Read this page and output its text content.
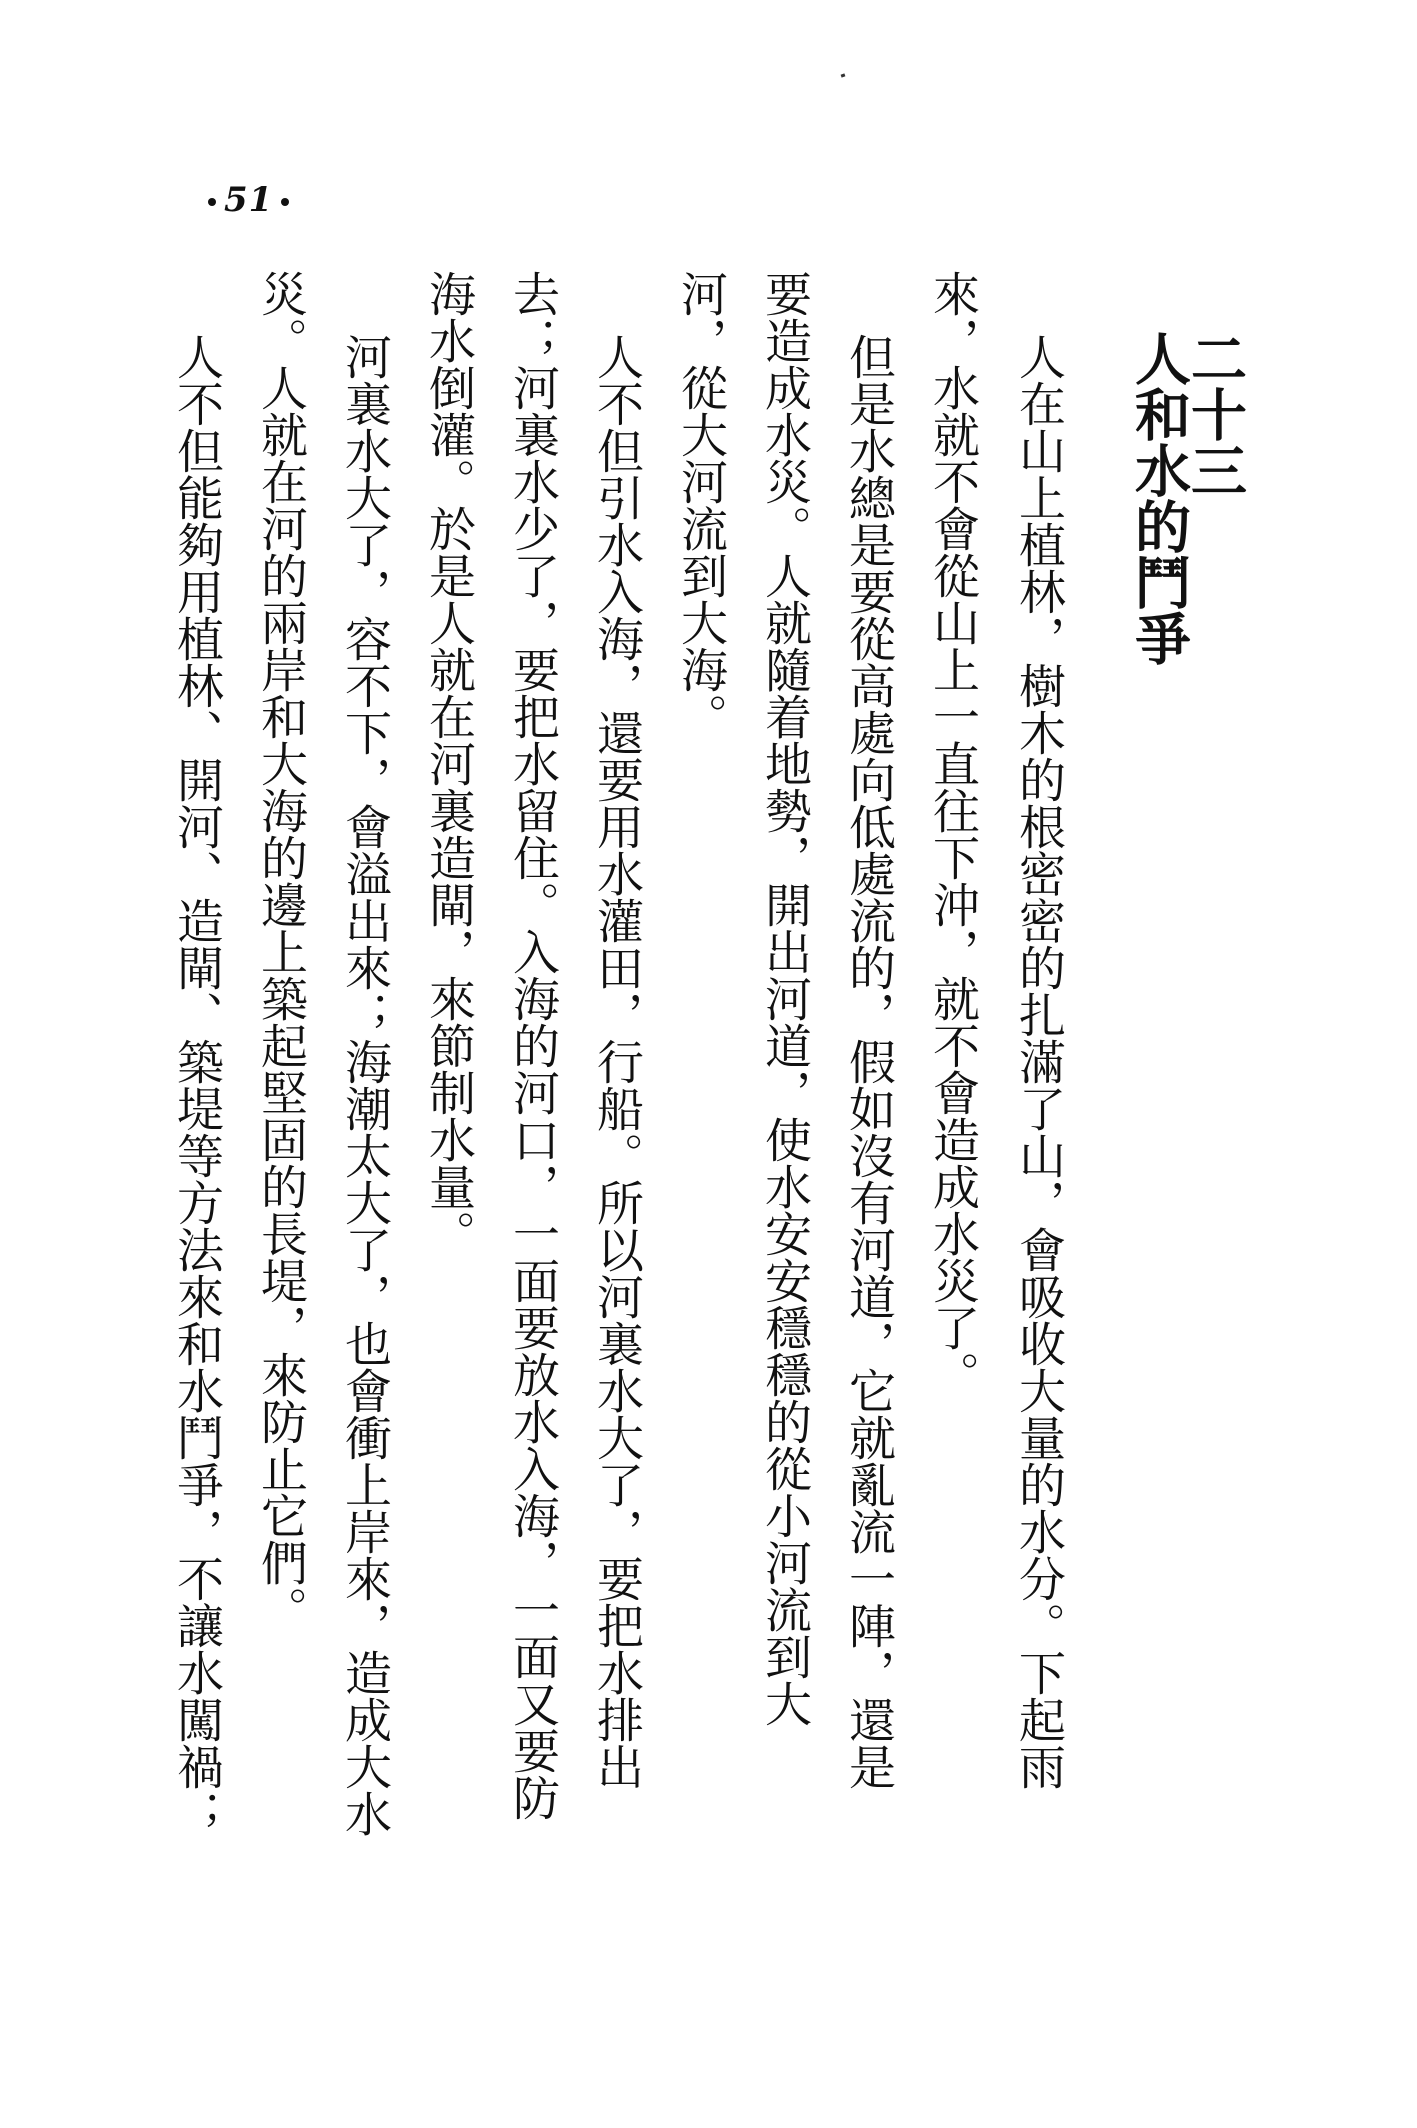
51
二十三
人和水的鬥爭
人在山上植林，樹木的根密密的扎滿了山，會吸收大量的水分。下起雨
來，水就不會從山上一直往下沖，就不會造成水災了。
但是水總是要從高處向低處流的，假如沒有河道，它就亂流一陣，還是
要造成水災。人就隨着地勢，開出河道，使水安安穩穩的從小河流到大
河，從大河流到大海。
人不但引水入海，還要用水灌田，行船。所以河裏水大了，要把水排出
去；河裏水少了，要把水留住。入海的河口，一面要放水入海，一面又要防
海水倒灌。於是人就在河裏造閘，來節制水量。
河裏水大了，容不下，會溢出來；海潮太大了，也會衝上岸來，造成大水
災。人就在河的兩岸和大海的邊上築起堅固的長堤，來防止它們。
人不但能夠用植林、開河、造閘、築堤等方法來和水鬥爭，不讓水闖禍；
